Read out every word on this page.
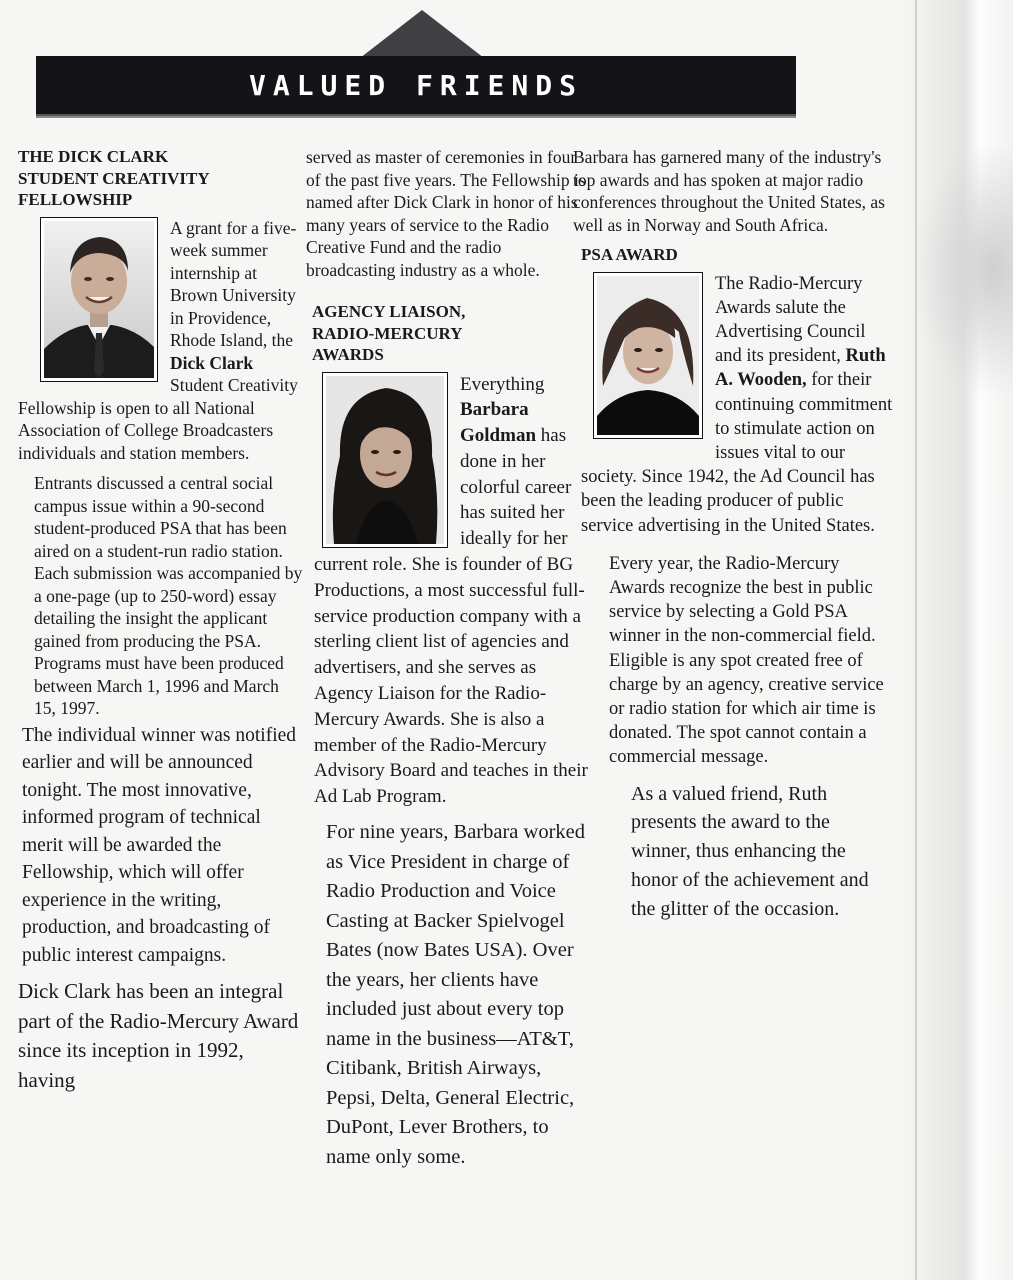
VALUED FRIENDS
THE DICK CLARK
STUDENT CREATIVITY
FELLOWSHIP

A grant for a five-week summer internship at Brown University in Providence, Rhode Island, the Dick Clark Student Creativity Fellowship is open to all National Association of College Broadcasters individuals and station members.

Entrants discussed a central social campus issue within a 90-second student-produced PSA that has been aired on a student-run radio station. Each submission was accompanied by a one-page (up to 250-word) essay detailing the insight the applicant gained from producing the PSA. Programs must have been produced between March 1, 1996 and March 15, 1997.

The individual winner was notified earlier and will be announced tonight. The most innovative, informed program of technical merit will be awarded the Fellowship, which will offer experience in the writing, production, and broadcasting of public interest campaigns.

Dick Clark has been an integral part of the Radio-Mercury Award since its inception in 1992, having

served as master of ceremonies in four of the past five years. The Fellowship is named after Dick Clark in honor of his many years of service to the Radio Creative Fund and the radio broadcasting industry as a whole.

AGENCY LIAISON,
RADIO-MERCURY
AWARDS

Everything Barbara Goldman has done in her colorful career has suited her ideally for her current role. She is founder of BG Productions, a most successful full-service production company with a sterling client list of agencies and advertisers, and she serves as Agency Liaison for the Radio-Mercury Awards. She is also a member of the Radio-Mercury Advisory Board and teaches in their Ad Lab Program.

For nine years, Barbara worked as Vice President in charge of Radio Production and Voice Casting at Backer Spielvogel Bates (now Bates USA). Over the years, her clients have included just about every top name in the business—AT&T, Citibank, British Airways, Pepsi, Delta, General Electric, DuPont, Lever Brothers, to name only some.

Barbara has garnered many of the industry's top awards and has spoken at major radio conferences throughout the United States, as well as in Norway and South Africa.

PSA AWARD

The Radio-Mercury Awards salute the Advertising Council and its president, Ruth A. Wooden, for their continuing commitment to stimulate action on issues vital to our society. Since 1942, the Ad Council has been the leading producer of public service advertising in the United States.

Every year, the Radio-Mercury Awards recognize the best in public service by selecting a Gold PSA winner in the non-commercial field. Eligible is any spot created free of charge by an agency, creative service or radio station for which air time is donated. The spot cannot contain a commercial message.

As a valued friend, Ruth presents the award to the winner, thus enhancing the honor of the achievement and the glitter of the occasion.
